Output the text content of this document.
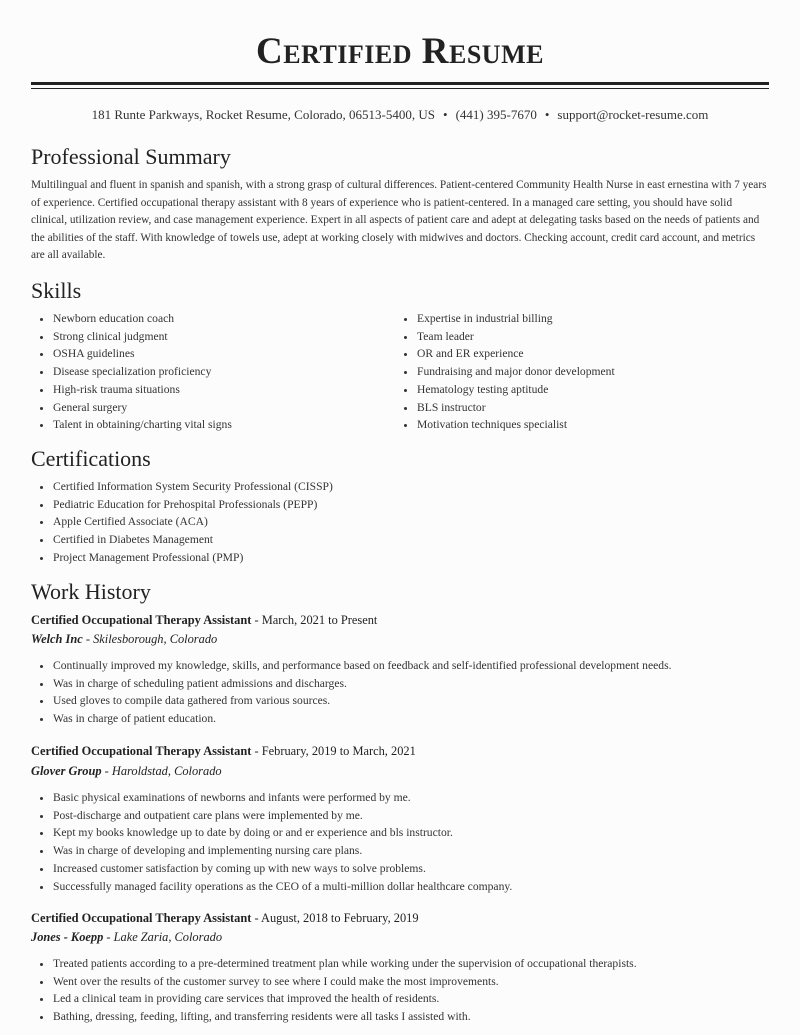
Certified Resume
181 Runte Parkways, Rocket Resume, Colorado, 06513-5400, US • (441) 395-7670 • support@rocket-resume.com
Professional Summary

Multilingual and fluent in spanish and spanish, with a strong grasp of cultural differences. Patient-centered Community Health Nurse in east ernestina with 7 years of experience. Certified occupational therapy assistant with 8 years of experience who is patient-centered. In a managed care setting, you should have solid clinical, utilization review, and case management experience. Expert in all aspects of patient care and adept at delegating tasks based on the needs of patients and the abilities of the staff. With knowledge of towels use, adept at working closely with midwives and doctors. Checking account, credit card account, and metrics are all available.

Skills
• Newborn education coach
• Strong clinical judgment
• OSHA guidelines
• Disease specialization proficiency
• High-risk trauma situations
• General surgery
• Talent in obtaining/charting vital signs
• Expertise in industrial billing
• Team leader
• OR and ER experience
• Fundraising and major donor development
• Hematology testing aptitude
• BLS instructor
• Motivation techniques specialist
Certifications
• Certified Information System Security Professional (CISSP)
• Pediatric Education for Prehospital Professionals (PEPP)
• Apple Certified Associate (ACA)
• Certified in Diabetes Management
• Project Management Professional (PMP)
Work History
Certified Occupational Therapy Assistant - March, 2021 to Present
Welch Inc - Skilesborough, Colorado
• Continually improved my knowledge, skills, and performance based on feedback and self-identified professional development needs.
• Was in charge of scheduling patient admissions and discharges.
• Used gloves to compile data gathered from various sources.
• Was in charge of patient education.
Certified Occupational Therapy Assistant - February, 2019 to March, 2021
Glover Group - Haroldstad, Colorado
• Basic physical examinations of newborns and infants were performed by me.
• Post-discharge and outpatient care plans were implemented by me.
• Kept my books knowledge up to date by doing or and er experience and bls instructor.
• Was in charge of developing and implementing nursing care plans.
• Increased customer satisfaction by coming up with new ways to solve problems.
• Successfully managed facility operations as the CEO of a multi-million dollar healthcare company.
Certified Occupational Therapy Assistant - August, 2018 to February, 2019
Jones - Koepp - Lake Zaria, Colorado
• Treated patients according to a pre-determined treatment plan while working under the supervision of occupational therapists.
• Went over the results of the customer survey to see where I could make the most improvements.
• Led a clinical team in providing care services that improved the health of residents.
• Bathing, dressing, feeding, lifting, and transferring residents were all tasks I assisted with.
